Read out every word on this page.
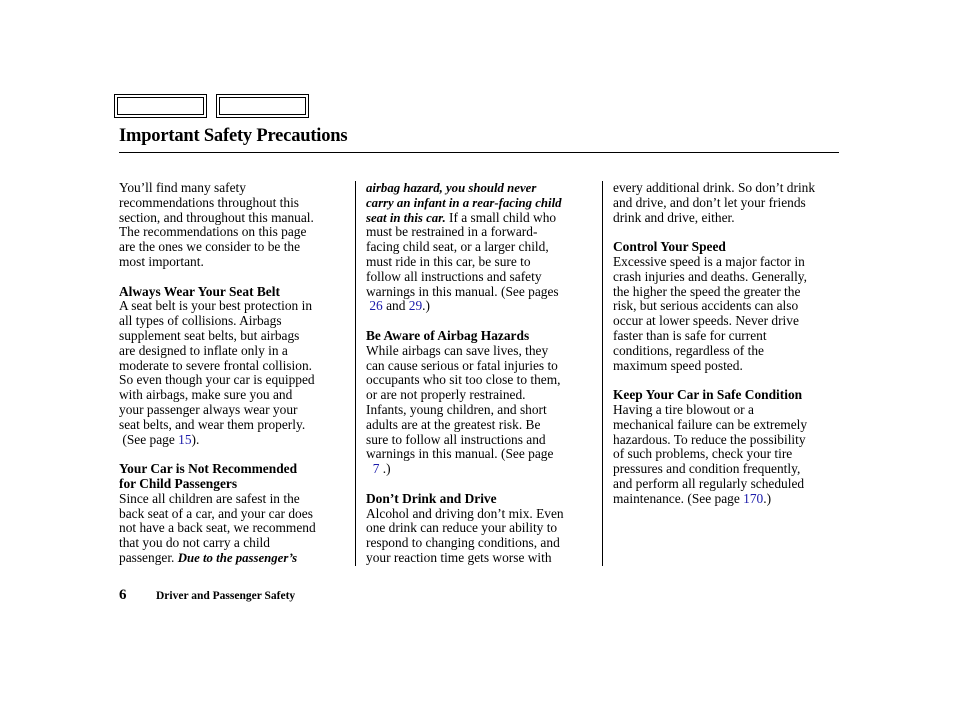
Important Safety Precautions
You’ll find many safety
recommendations throughout this
section, and throughout this manual.
The recommendations on this page
are the ones we consider to be the
most important.
Always Wear Your Seat Belt
A seat belt is your best protection in
all types of collisions. Airbags
supplement seat belts, but airbags
are designed to inflate only in a
moderate to severe frontal collision.
So even though your car is equipped
with airbags, make sure you and
your passenger always wear your
seat belts, and wear them properly.
(See page 15).
Your Car is Not Recommended
for Child Passengers
Since all children are safest in the
back seat of a car, and your car does
not have a back seat, we recommend
that you do not carry a child
passenger. Due to the passenger’s
airbag hazard, you should never
carry an infant in a rear-facing child
seat in this car. If a small child who
must be restrained in a forward-
facing child seat, or a larger child,
must ride in this car, be sure to
follow all instructions and safety
warnings in this manual. (See pages
26 and 29.)
Be Aware of Airbag Hazards
While airbags can save lives, they
can cause serious or fatal injuries to
occupants who sit too close to them,
or are not properly restrained.
Infants, young children, and short
adults are at the greatest risk. Be
sure to follow all instructions and
warnings in this manual. (See page
7 .)
Don’t Drink and Drive
Alcohol and driving don’t mix. Even
one drink can reduce your ability to
respond to changing conditions, and
your reaction time gets worse with
every additional drink. So don’t drink
and drive, and don’t let your friends
drink and drive, either.
Control Your Speed
Excessive speed is a major factor in
crash injuries and deaths. Generally,
the higher the speed the greater the
risk, but serious accidents can also
occur at lower speeds. Never drive
faster than is safe for current
conditions, regardless of the
maximum speed posted.
Keep Your Car in Safe Condition
Having a tire blowout or a
mechanical failure can be extremely
hazardous. To reduce the possibility
of such problems, check your tire
pressures and condition frequently,
and perform all regularly scheduled
maintenance. (See page 170.)
6	Driver and Passenger Safety
